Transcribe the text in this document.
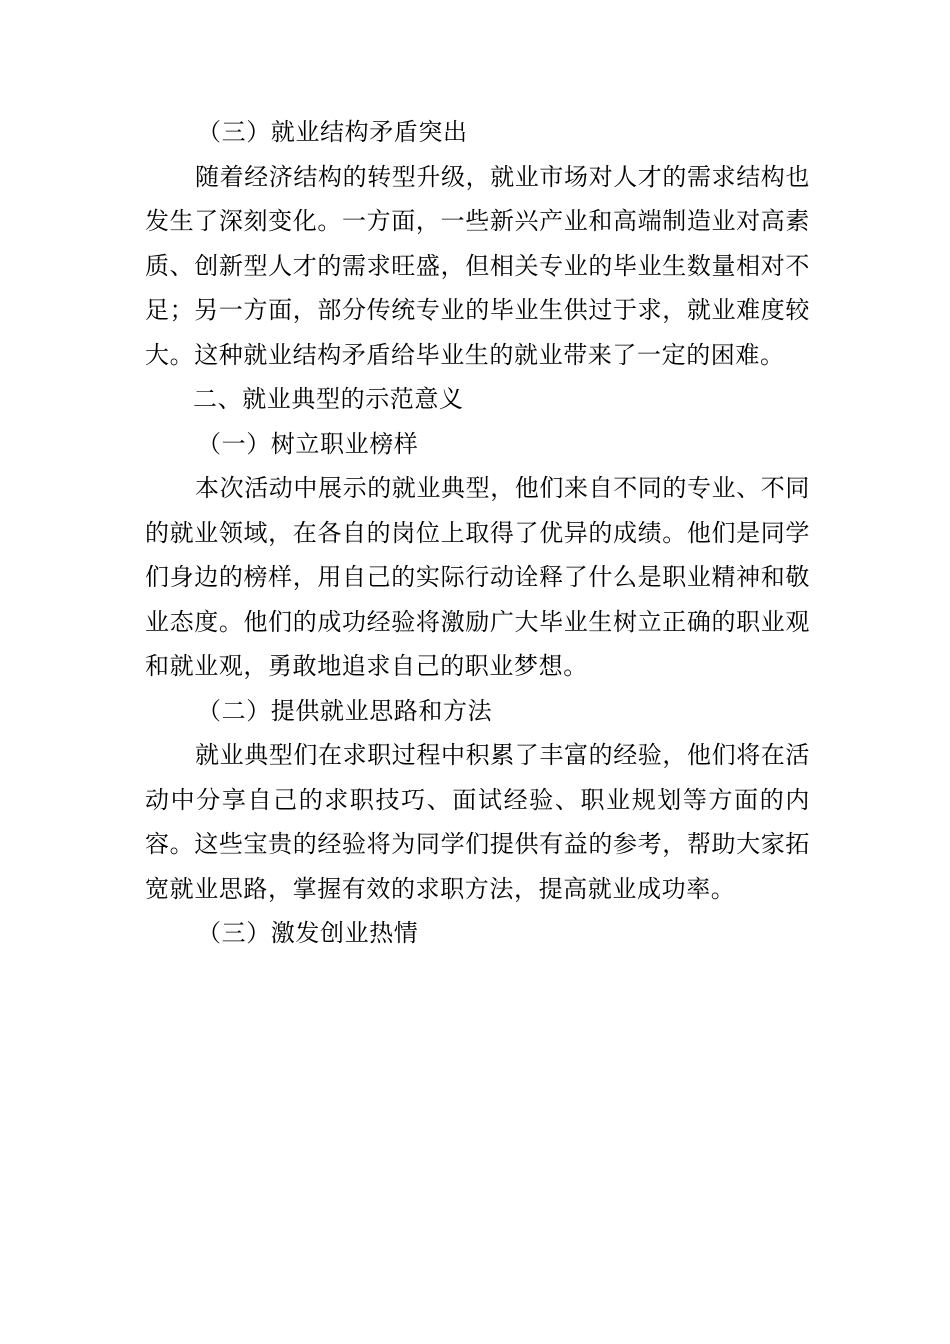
（三）就业结构矛盾突出

随着经济结构的转型升级，就业市场对人才的需求结构也发生了深刻变化。一方面，一些新兴产业和高端制造业对高素质、创新型人才的需求旺盛，但相关专业的毕业生数量相对不足；另一方面，部分传统专业的毕业生供过于求，就业难度较大。这种就业结构矛盾给毕业生的就业带来了一定的困难。

二、就业典型的示范意义

（一）树立职业榜样

本次活动中展示的就业典型，他们来自不同的专业、不同的就业领域，在各自的岗位上取得了优异的成绩。他们是同学们身边的榜样，用自己的实际行动诠释了什么是职业精神和敬业态度。他们的成功经验将激励广大毕业生树立正确的职业观和就业观，勇敢地追求自己的职业梦想。

（二）提供就业思路和方法

就业典型们在求职过程中积累了丰富的经验，他们将在活动中分享自己的求职技巧、面试经验、职业规划等方面的内容。这些宝贵的经验将为同学们提供有益的参考，帮助大家拓宽就业思路，掌握有效的求职方法，提高就业成功率。

（三）激发创业热情
